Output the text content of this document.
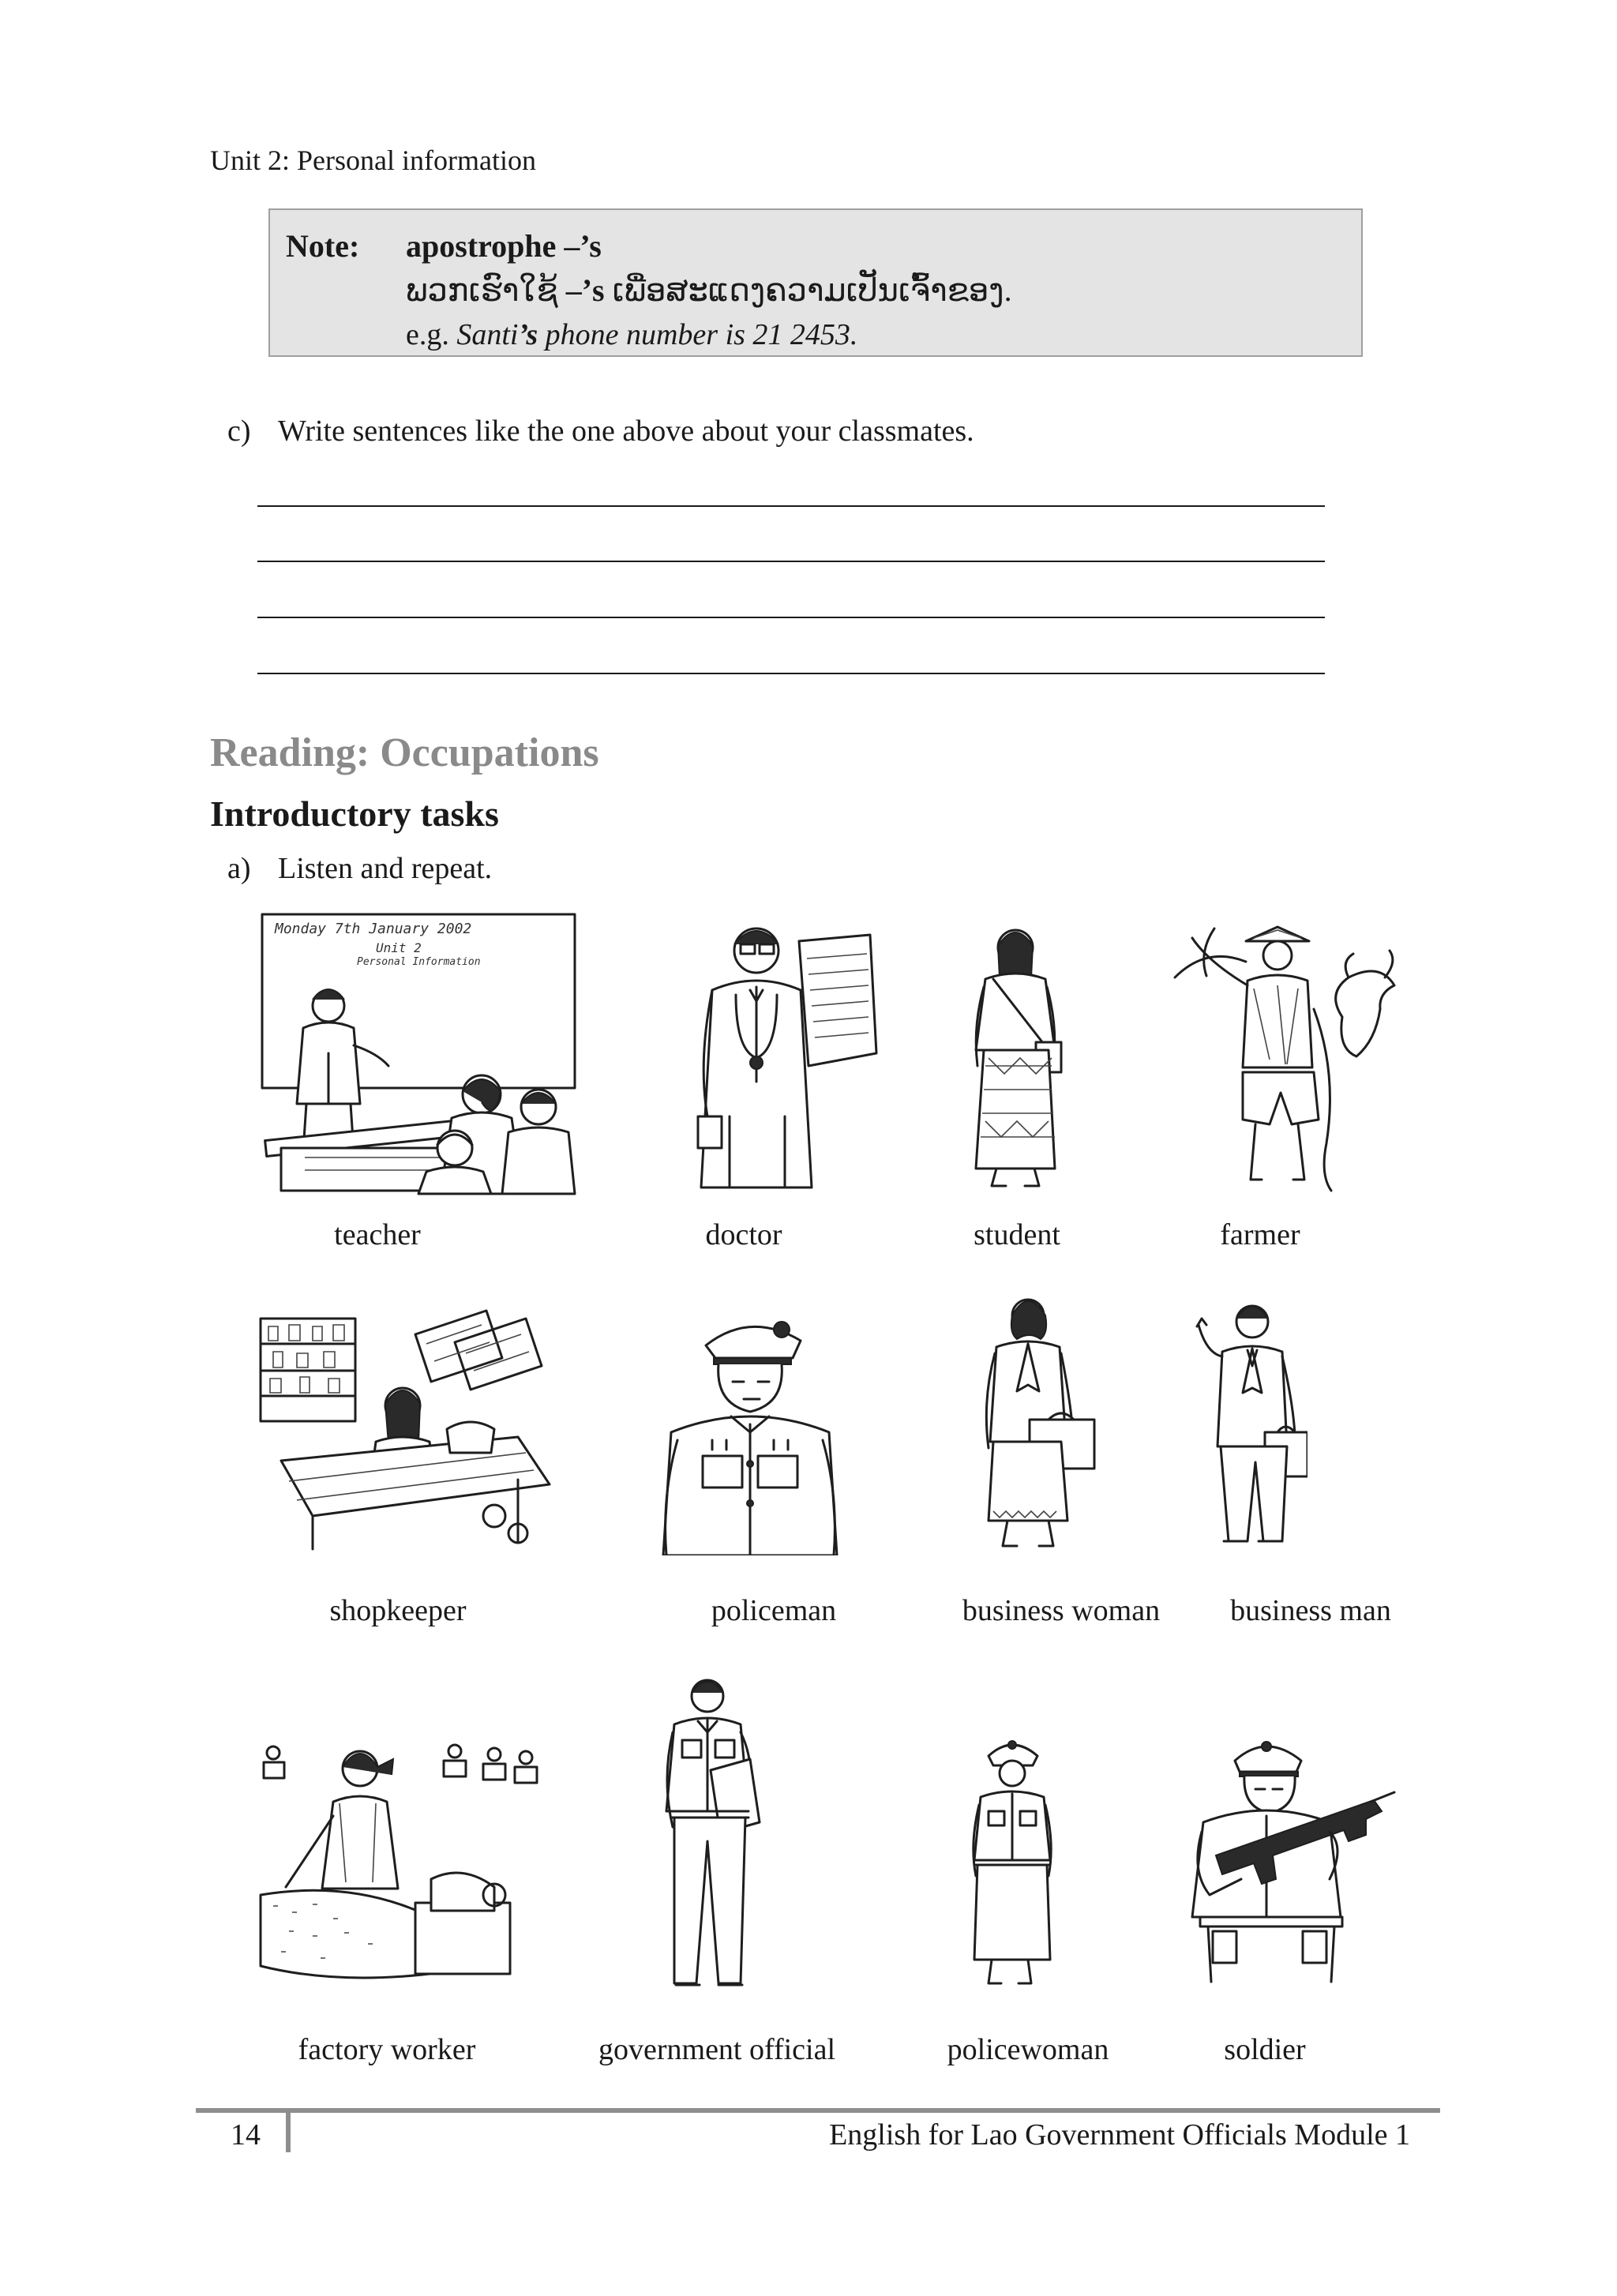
Unit 2: Personal information
Note: apostrophe –’s
ພວກເຮົາໃຊ້ –’s ເພື່ອສະແດງຄວາມເປັນເຈົ້າຂອງ.
e.g. Santi’s phone number is 21 2453.
c) Write sentences like the one above about your classmates.
Reading: Occupations
Introductory tasks
a) Listen and repeat.
Monday 7th January 2002
Unit 2
Personal Information
teacher	doctor	student	farmer
shopkeeper	policeman	business woman business man
factory worker	government official	policewoman	soldier
14	English for Lao Government Officials Module 1
